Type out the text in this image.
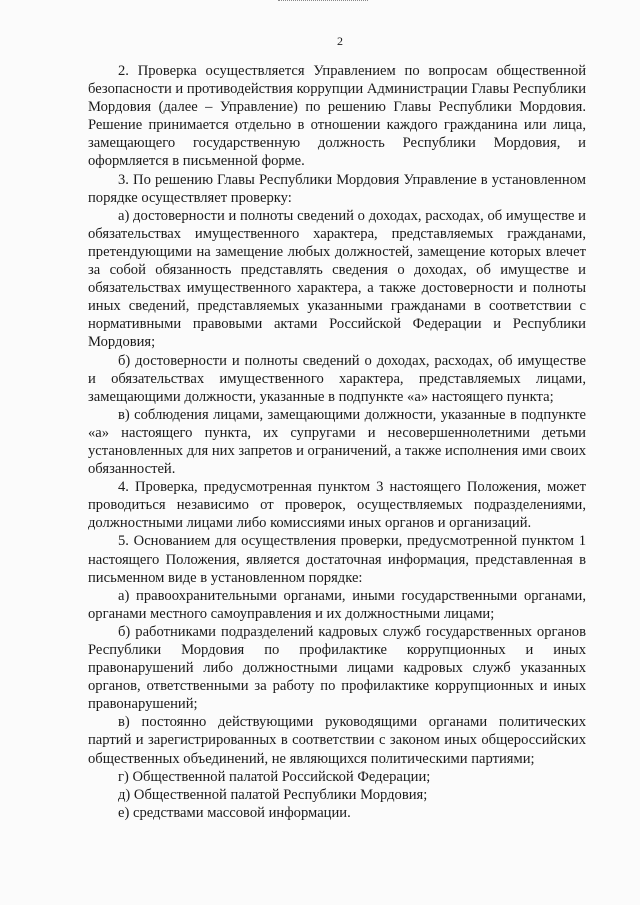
2

2. Проверка осуществляется Управлением по вопросам общественной безопасности и противодействия коррупции Администрации Главы Республики Мордовия (далее – Управление) по решению Главы Республики Мордовия. Решение принимается отдельно в отношении каждого гражданина или лица, замещающего государственную должность Республики Мордовия, и оформляется в письменной форме.

3. По решению Главы Республики Мордовия Управление в установленном порядке осуществляет проверку:

а) достоверности и полноты сведений о доходах, расходах, об имуществе и обязательствах имущественного характера, представляемых гражданами, претендующими на замещение любых должностей, замещение которых влечет за собой обязанность представлять сведения о доходах, об имуществе и обязательствах имущественного характера, а также достоверности и полноты иных сведений, представляемых указанными гражданами в соответствии с нормативными правовыми актами Российской Федерации и Республики Мордовия;

б) достоверности и полноты сведений о доходах, расходах, об имуществе и обязательствах имущественного характера, представляемых лицами, замещающими должности, указанные в подпункте «а» настоящего пункта;

в) соблюдения лицами, замещающими должности, указанные в подпункте «а» настоящего пункта, их супругами и несовершеннолетними детьми установленных для них запретов и ограничений, а также исполнения ими своих обязанностей.

4. Проверка, предусмотренная пунктом 3 настоящего Положения, может проводиться независимо от проверок, осуществляемых подразделениями, должностными лицами либо комиссиями иных органов и организаций.

5. Основанием для осуществления проверки, предусмотренной пунктом 1 настоящего Положения, является достаточная информация, представленная в письменном виде в установленном порядке:

а) правоохранительными органами, иными государственными органами, органами местного самоуправления и их должностными лицами;

б) работниками подразделений кадровых служб государственных органов Республики Мордовия по профилактике коррупционных и иных правонарушений либо должностными лицами кадровых служб указанных органов, ответственными за работу по профилактике коррупционных и иных правонарушений;

в) постоянно действующими руководящими органами политических партий и зарегистрированных в соответствии с законом иных общероссийских общественных объединений, не являющихся политическими партиями;

г) Общественной палатой Российской Федерации;

д) Общественной палатой Республики Мордовия;

е) средствами массовой информации.
